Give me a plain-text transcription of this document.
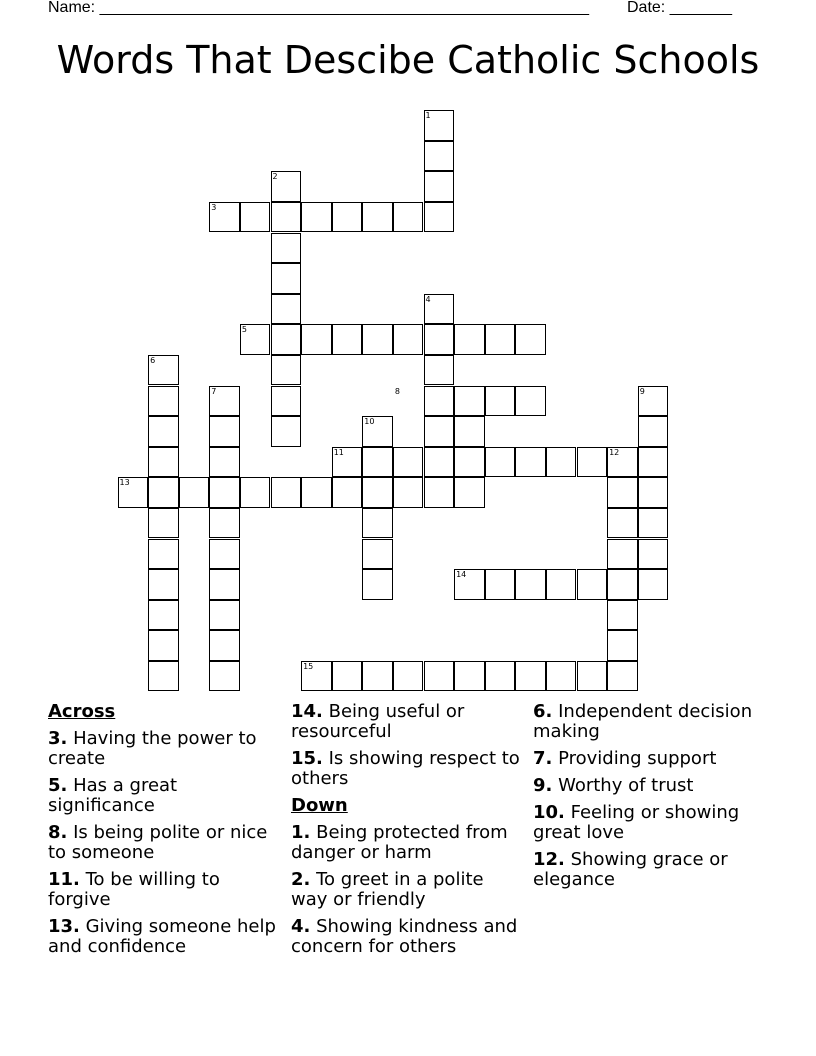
Name: _______________________________________________________ Date: _______
Words That Descibe Catholic Schools
1
2
3
4
5
6
7	8	9
10
11	12
13
14
15
Across
3. Having the power to create
5. Has a great significance
8. Is being polite or nice to someone
11. To be willing to forgive
13. Giving someone help and confidence
14. Being useful or resourceful
15. Is showing respect to others
Down
1. Being protected from danger or harm
2. To greet in a polite way or friendly
4. Showing kindness and concern for others
6. Independent decision making
7. Providing support
9. Worthy of trust
10. Feeling or showing great love
12. Showing grace or elegance
